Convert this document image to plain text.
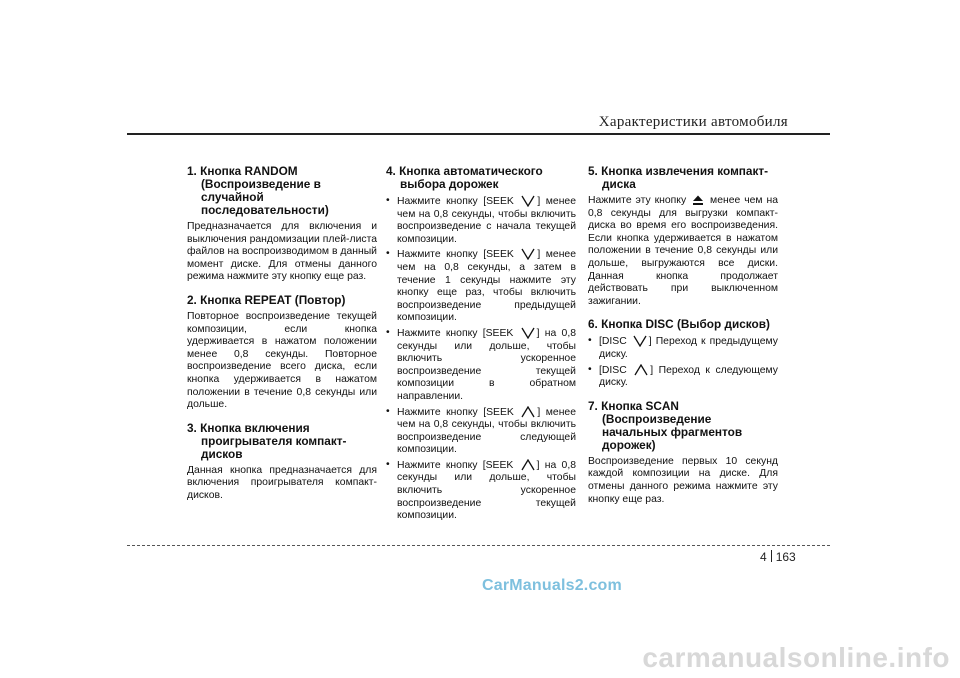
Характеристики автомобиля
1. Кнопка RANDOM (Воспроизведение в случайной последовательности)

Предназначается для включения и выключения рандомизации плей-листа файлов на воспроизводимом в данный момент диске. Для отмены данного режима нажмите эту кнопку еще раз.

2. Кнопка REPEAT (Повтор)

Повторное воспроизведение текущей композиции, если кнопка удерживается в нажатом положении менее 0,8 секунды. Повторное воспроизведение всего диска, если кнопка удерживается в нажатом положении в течение 0,8 секунды или дольше.

3. Кнопка включения проигрывателя компакт-дисков

Данная кнопка предназначается для включения проигрывателя компакт-дисков.

4. Кнопка автоматического выбора дорожек
• Нажмите кнопку [SEEK ] менее чем на 0,8 секунды, чтобы включить воспроизведение с начала текущей композиции.
• Нажмите кнопку [SEEK ] менее чем на 0,8 секунды, а затем в течение 1 секунды нажмите эту кнопку еще раз, чтобы включить воспроизведение предыдущей композиции.
• Нажмите кнопку [SEEK ] на 0,8 секунды или дольше, чтобы включить ускоренное воспроизведение текущей композиции в обратном направлении.
• Нажмите кнопку [SEEK ] менее чем на 0,8 секунды, чтобы включить воспроизведение следующей композиции.
• Нажмите кнопку [SEEK ] на 0,8 секунды или дольше, чтобы включить ускоренное воспроизведение текущей композиции.
5. Кнопка извлечения компакт-диска

Нажмите эту кнопку менее чем на 0,8 секунды для выгрузки компакт-диска во время его воспроизведения. Если кнопка удерживается в нажатом положении в течение 0,8 секунды или дольше, выгружаются все диски. Данная кнопка продолжает действовать при выключенном зажигании.

6. Кнопка DISC (Выбор дисков)
• [DISC ] Переход к предыдущему диску.
• [DISC ] Переход к следующему диску.
7. Кнопка SCAN (Воспроизведение начальных фрагментов дорожек)

Воспроизведение первых 10 секунд каждой композиции на диске. Для отмены данного режима нажмите эту кнопку еще раз.

4 163
CarManuals2.com
carmanualsonline.info
